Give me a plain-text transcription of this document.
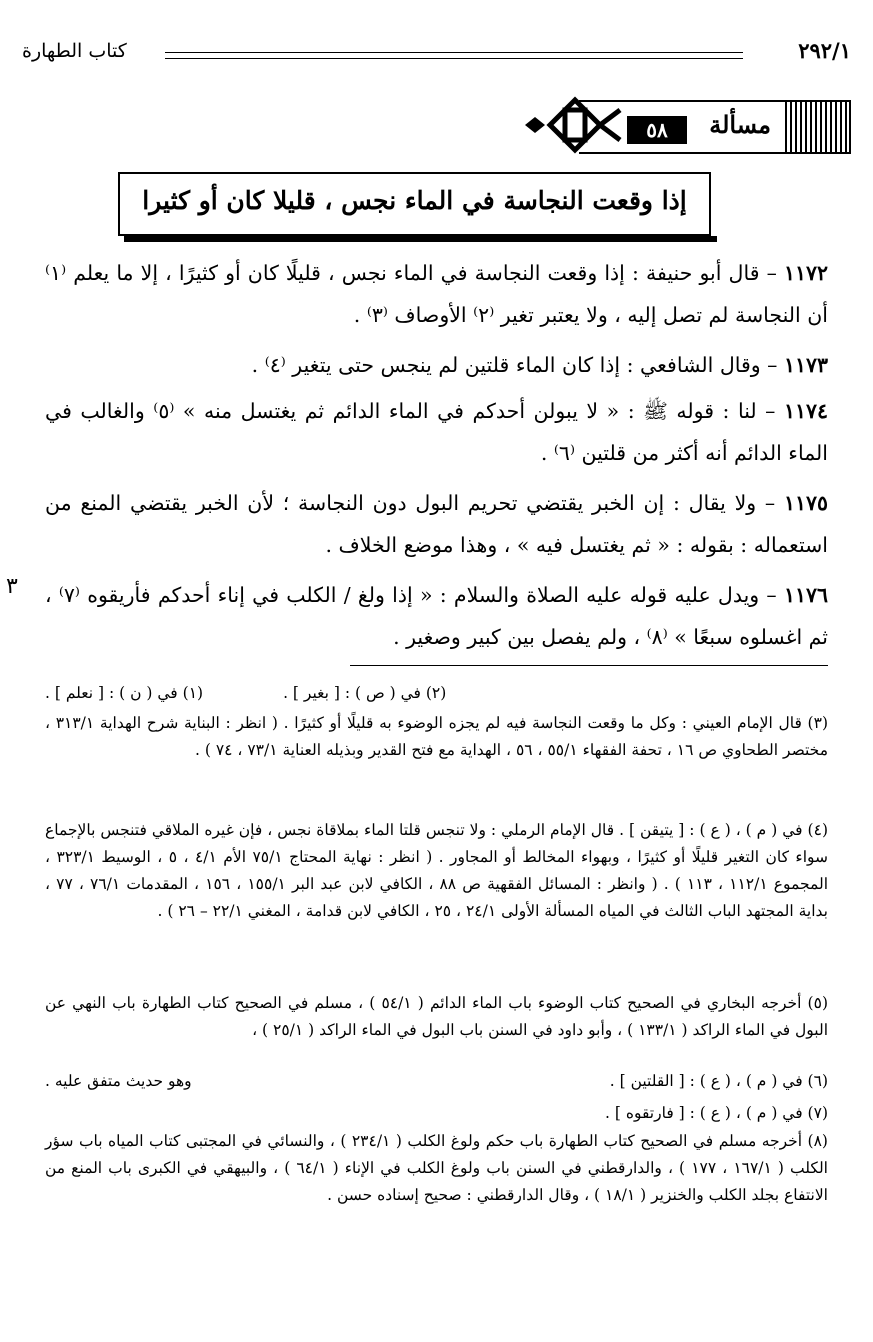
كتاب الطهارة	٢٩٢/١
مسألة
٥٨
إذا وقعت النجاسة في الماء نجس ، قليلا كان أو كثيرا
١١٧٢ – قال أبو حنيفة : إذا وقعت النجاسة في الماء نجس ، قليلًا كان أو كثيرًا ، إلا ما يعلم ⁽١⁾ أن النجاسة لم تصل إليه ، ولا يعتبر تغير ⁽٢⁾ الأوصاف ⁽٣⁾ .
١١٧٣ – وقال الشافعي : إذا كان الماء قلتين لم ينجس حتى يتغير ⁽٤⁾ .
١١٧٤ – لنا : قوله ﷺ : « لا يبولن أحدكم في الماء الدائم ثم يغتسل منه » ⁽٥⁾ والغالب في الماء الدائم أنه أكثر من قلتين ⁽٦⁾ .
١١٧٥ – ولا يقال : إن الخبر يقتضي تحريم البول دون النجاسة ؛ لأن الخبر يقتضي المنع من استعماله : بقوله : « ثم يغتسل فيه » ، وهذا موضع الخلاف .
١١٧٦ – ويدل عليه قوله عليه الصلاة والسلام : « إذا ولغ / الكلب في إناء أحدكم فأريقوه ⁽٧⁾ ، ثم اغسلوه سبعًا » ⁽٨⁾ ، ولم يفصل بين كبير وصغير .
٣
(١) في ( ن ) : [ نعلم ] .	(٢) في ( ص ) : [ بغير ] .
(٣) قال الإمام العيني : وكل ما وقعت النجاسة فيه لم يجزه الوضوء به قليلًا أو كثيرًا . ( انظر : البناية شرح الهداية ٣١٣/١ ، مختصر الطحاوي ص ١٦ ، تحفة الفقهاء ٥٥/١ ، ٥٦ ، الهداية مع فتح القدير وبذيله العناية ٧٣/١ ، ٧٤ ) .
(٤) في ( م ) ، ( ع ) : [ يتيقن ] . قال الإمام الرملي : ولا تنجس قلتا الماء بملاقاة نجس ، فإن غيره الملاقي فتنجس بالإجماع سواء كان التغير قليلًا أو كثيرًا ، وبهواء المخالط أو المجاور . ( انظر : نهاية المحتاج ٧٥/١ الأم ٤/١ ، ٥ ، الوسيط ٣٢٣/١ ، المجموع ١١٢/١ ، ١١٣ ) . ( وانظر : المسائل الفقهية ص ٨٨ ، الكافي لابن عبد البر ١٥٥/١ ، ١٥٦ ، المقدمات ٧٦/١ ، ٧٧ ، بداية المجتهد الباب الثالث في المياه المسألة الأولى ٢٤/١ ، ٢٥ ، الكافي لابن قدامة ، المغني ٢٢/١ – ٢٦ ) .
(٥) أخرجه البخاري في الصحيح كتاب الوضوء باب الماء الدائم ( ٥٤/١ ) ، مسلم في الصحيح كتاب الطهارة باب النهي عن البول في الماء الراكد ( ١٣٣/١ ) ، وأبو داود في السنن باب البول في الماء الراكد ( ٢٥/١ ) ،
وهو حديث متفق عليه .	(٦) في ( م ) ، ( ع ) : [ القلتين ] .
(٧) في ( م ) ، ( ع ) : [ فارتقوه ] .
(٨) أخرجه مسلم في الصحيح كتاب الطهارة باب حكم ولوغ الكلب ( ٢٣٤/١ ) ، والنسائي في المجتبى كتاب المياه باب سؤر الكلب ( ١٦٧/١ ، ١٧٧ ) ، والدارقطني في السنن باب ولوغ الكلب في الإناء ( ٦٤/١ ) ، والبيهقي في الكبرى باب المنع من الانتفاع بجلد الكلب والخنزير ( ١٨/١ ) ، وقال الدارقطني : صحيح إسناده حسن .
